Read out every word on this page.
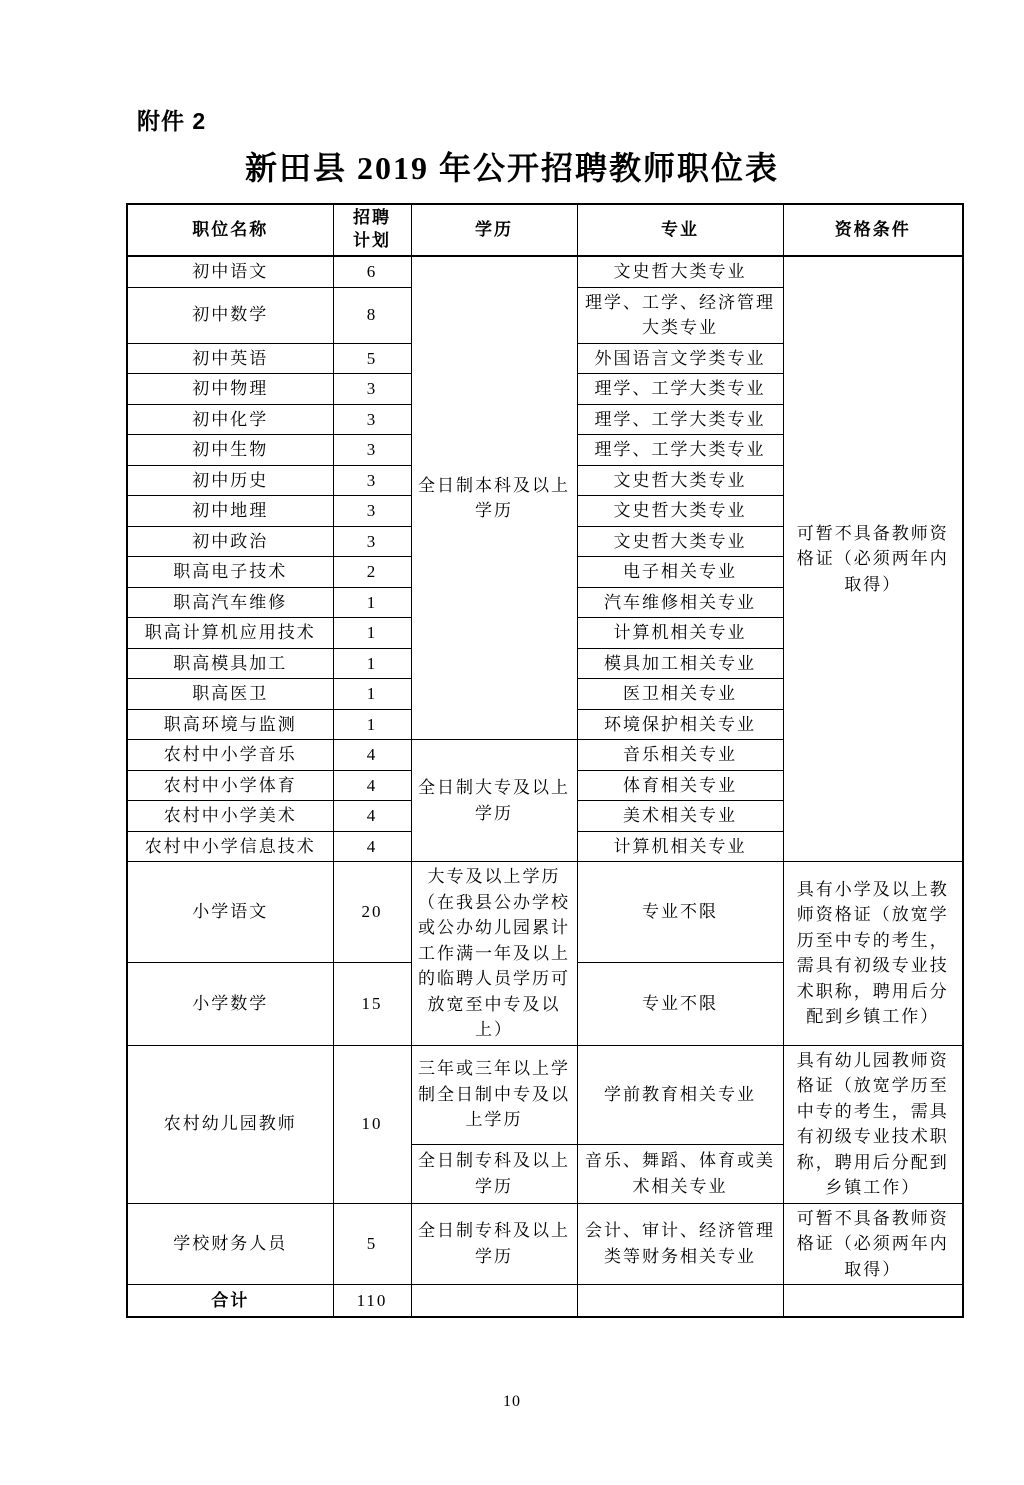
附件 2
新田县 2019 年公开招聘教师职位表
职位名称	招聘计划	学历	专业	资格条件
初中语文	6	全日制本科及以上学历	文史哲大类专业	可暂不具备教师资格证（必须两年内取得）
初中数学	8		理学、工学、经济管理大类专业	
初中英语	5		外国语言文学类专业	
初中物理	3		理学、工学大类专业	
初中化学	3		理学、工学大类专业	
初中生物	3		理学、工学大类专业	
初中历史	3		文史哲大类专业	
初中地理	3		文史哲大类专业	
初中政治	3		文史哲大类专业	
职高电子技术	2		电子相关专业	
职高汽车维修	1		汽车维修相关专业	
职高计算机应用技术	1		计算机相关专业	
职高模具加工	1		模具加工相关专业	
职高医卫	1		医卫相关专业	
职高环境与监测	1		环境保护相关专业	
农村中小学音乐	4	全日制大专及以上学历	音乐相关专业	
农村中小学体育	4		体育相关专业	
农村中小学美术	4		美术相关专业	
农村中小学信息技术	4		计算机相关专业	
小学语文	20	大专及以上学历（在我县公办学校或公办幼儿园累计工作满一年及以上的临聘人员学历可放宽至中专及以上）	专业不限	具有小学及以上教师资格证（放宽学历至中专的考生，需具有初级专业技术职称，聘用后分配到乡镇工作）
小学数学	15		专业不限	
农村幼儿园教师	10	三年或三年以上学制全日制中专及以上学历	学前教育相关专业	具有幼儿园教师资格证（放宽学历至中专的考生，需具有初级专业技术职称，聘用后分配到乡镇工作）
		全日制专科及以上学历	音乐、舞蹈、体育或美术相关专业	
学校财务人员	5	全日制专科及以上学历	会计、审计、经济管理类等财务相关专业	可暂不具备教师资格证（必须两年内取得）
合计	110			
10
